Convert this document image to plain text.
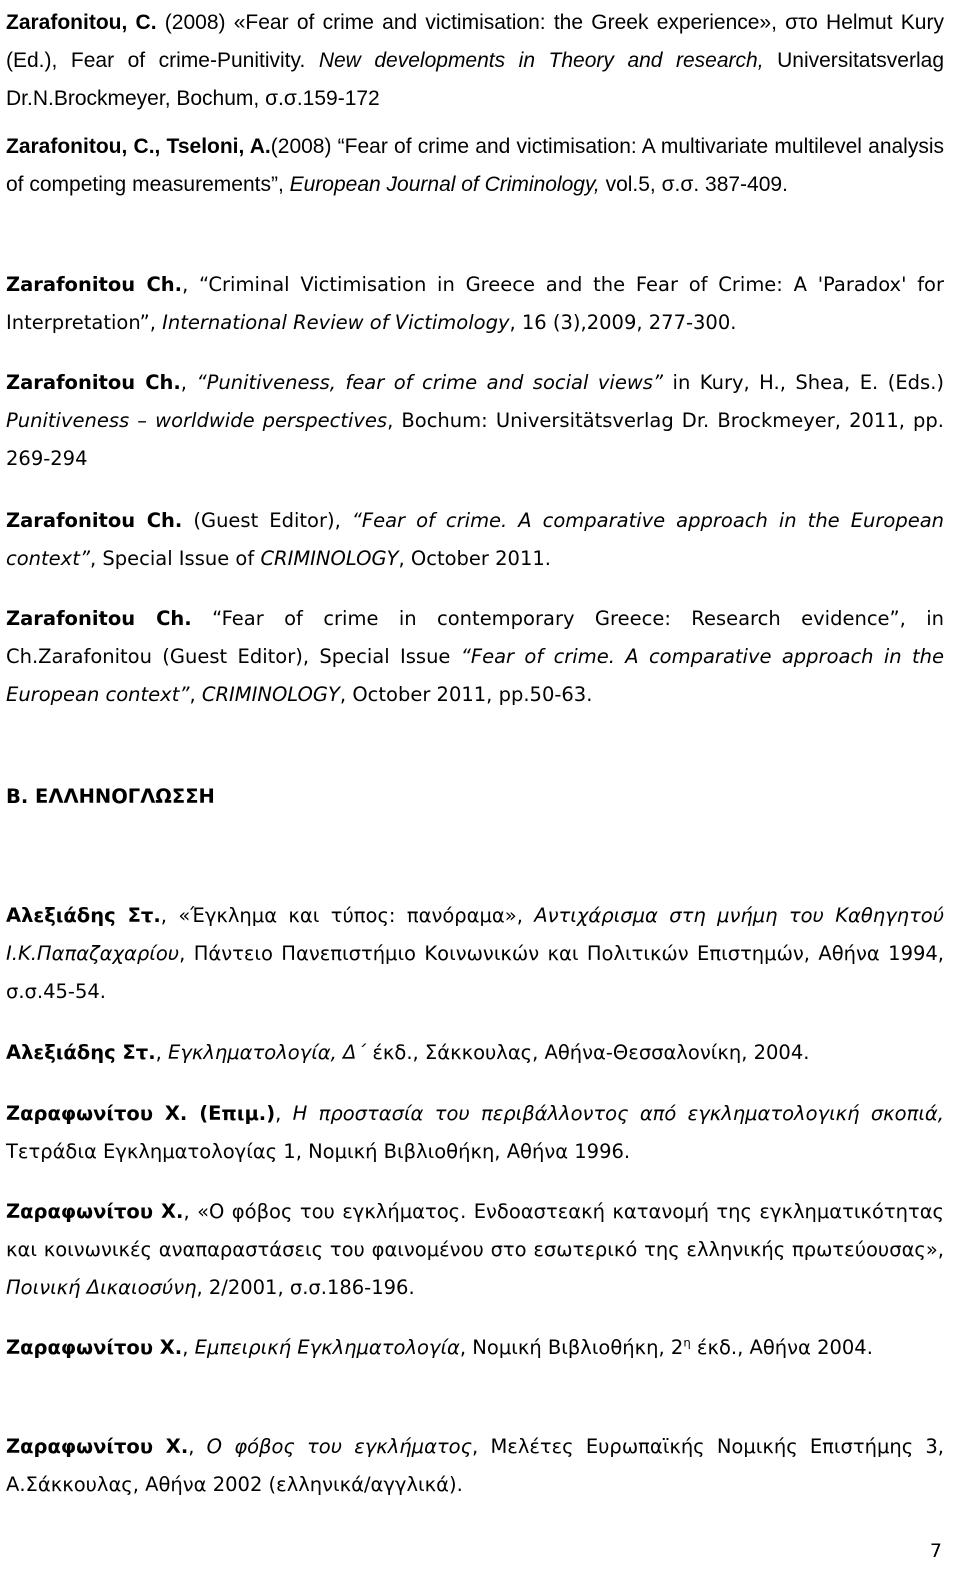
Zarafonitou, C. (2008) «Fear of crime and victimisation: the Greek experience», στο Helmut Kury (Ed.), Fear of crime-Punitivity. New developments in Theory and research, Universitatsverlag Dr.N.Brockmeyer, Bochum, σ.σ.159-172

Zarafonitou, C., Tseloni, A.(2008) “Fear of crime and victimisation: A multivariate multilevel analysis of competing measurements”, European Journal of Criminology, vol.5, σ.σ. 387-409.

Zarafonitou Ch., “Criminal Victimisation in Greece and the Fear of Crime: A 'Paradox' for Interpretation”, International Review of Victimology, 16 (3),2009, 277-300.

Zarafonitou Ch., “Punitiveness, fear of crime and social views” in Kury, H., Shea, E. (Eds.) Punitiveness – worldwide perspectives, Bochum: Universitätsverlag Dr. Brockmeyer, 2011, pp. 269-294

Zarafonitou Ch. (Guest Editor), “Fear of crime. A comparative approach in the European context”, Special Issue of CRIMINOLOGY, October 2011.

Zarafonitou Ch. “Fear of crime in contemporary Greece: Research evidence”, in Ch.Zarafonitou (Guest Editor), Special Issue “Fear of crime. A comparative approach in the European context”, CRIMINOLOGY, October 2011, pp.50-63.

Β. ΕΛΛΗΝΟΓΛΩΣΣΗ

Αλεξιάδης Στ., «Έγκλημα και τύπος: πανόραμα», Αντιχάρισμα στη μνήμη του Καθηγητού Ι.Κ.Παπαζαχαρίου, Πάντειο Πανεπιστήμιο Κοινωνικών και Πολιτικών Επιστημών, Αθήνα 1994, σ.σ.45-54.

Αλεξιάδης Στ., Εγκληματολογία, Δ΄ έκδ., Σάκκουλας, Αθήνα-Θεσσαλονίκη, 2004.

Ζαραφωνίτου Χ. (Επιμ.), Η προστασία του περιβάλλοντος από εγκληματολογική σκοπιά, Τετράδια Εγκληματολογίας 1, Νομική Βιβλιοθήκη, Αθήνα 1996.

Ζαραφωνίτου Χ., «Ο φόβος του εγκλήματος. Ενδοαστεακή κατανομή της εγκληματικότητας και κοινωνικές αναπαραστάσεις του φαινομένου στο εσωτερικό της ελληνικής πρωτεύουσας», Ποινική Δικαιοσύνη, 2/2001, σ.σ.186-196.

Ζαραφωνίτου Χ., Εμπειρική Εγκληματολογία, Νομική Βιβλιοθήκη, $2^\eta$ έκδ., Αθήνα 2004.

Ζαραφωνίτου Χ., Ο φόβος του εγκλήματος, Μελέτες Ευρωπαϊκής Νομικής Επιστήμης 3, Α.Σάκκουλας, Αθήνα 2002 (ελληνικά/αγγλικά).

7
